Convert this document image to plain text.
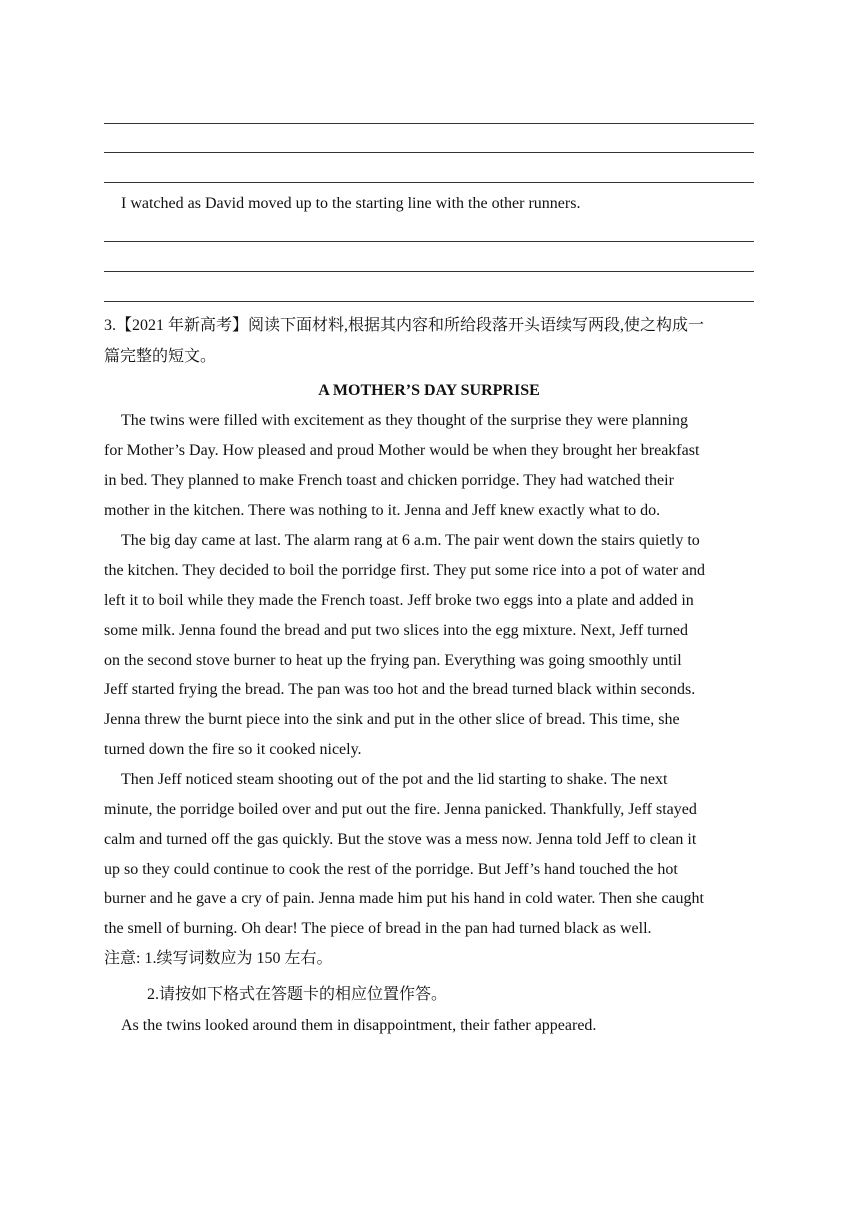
I watched as David moved up to the starting line with the other runners.
3.【2021 年新高考】阅读下面材料,根据其内容和所给段落开头语续写两段,使之构成一
篇完整的短文。
A MOTHER’S DAY SURPRISE
The twins were filled with excitement as they thought of the surprise they were planning
for Mother’s Day. How pleased and proud Mother would be when they brought her breakfast
in bed. They planned to make French toast and chicken porridge. They had watched their
mother in the kitchen. There was nothing to it. Jenna and Jeff knew exactly what to do.
The big day came at last. The alarm rang at 6 a.m. The pair went down the stairs quietly to
the kitchen. They decided to boil the porridge first. They put some rice into a pot of water and
left it to boil while they made the French toast. Jeff broke two eggs into a plate and added in
some milk. Jenna found the bread and put two slices into the egg mixture. Next, Jeff turned
on the second stove burner to heat up the frying pan. Everything was going smoothly until
Jeff started frying the bread. The pan was too hot and the bread turned black within seconds.
Jenna threw the burnt piece into the sink and put in the other slice of bread. This time, she
turned down the fire so it cooked nicely.
Then Jeff noticed steam shooting out of the pot and the lid starting to shake. The next
minute, the porridge boiled over and put out the fire. Jenna panicked. Thankfully, Jeff stayed
calm and turned off the gas quickly. But the stove was a mess now. Jenna told Jeff to clean it
up so they could continue to cook the rest of the porridge. But Jeff’s hand touched the hot
burner and he gave a cry of pain. Jenna made him put his hand in cold water. Then she caught
the smell of burning. Oh dear! The piece of bread in the pan had turned black as well.
注意: 1.续写词数应为 150 左右。
2.请按如下格式在答题卡的相应位置作答。
As the twins looked around them in disappointment, their father appeared.
